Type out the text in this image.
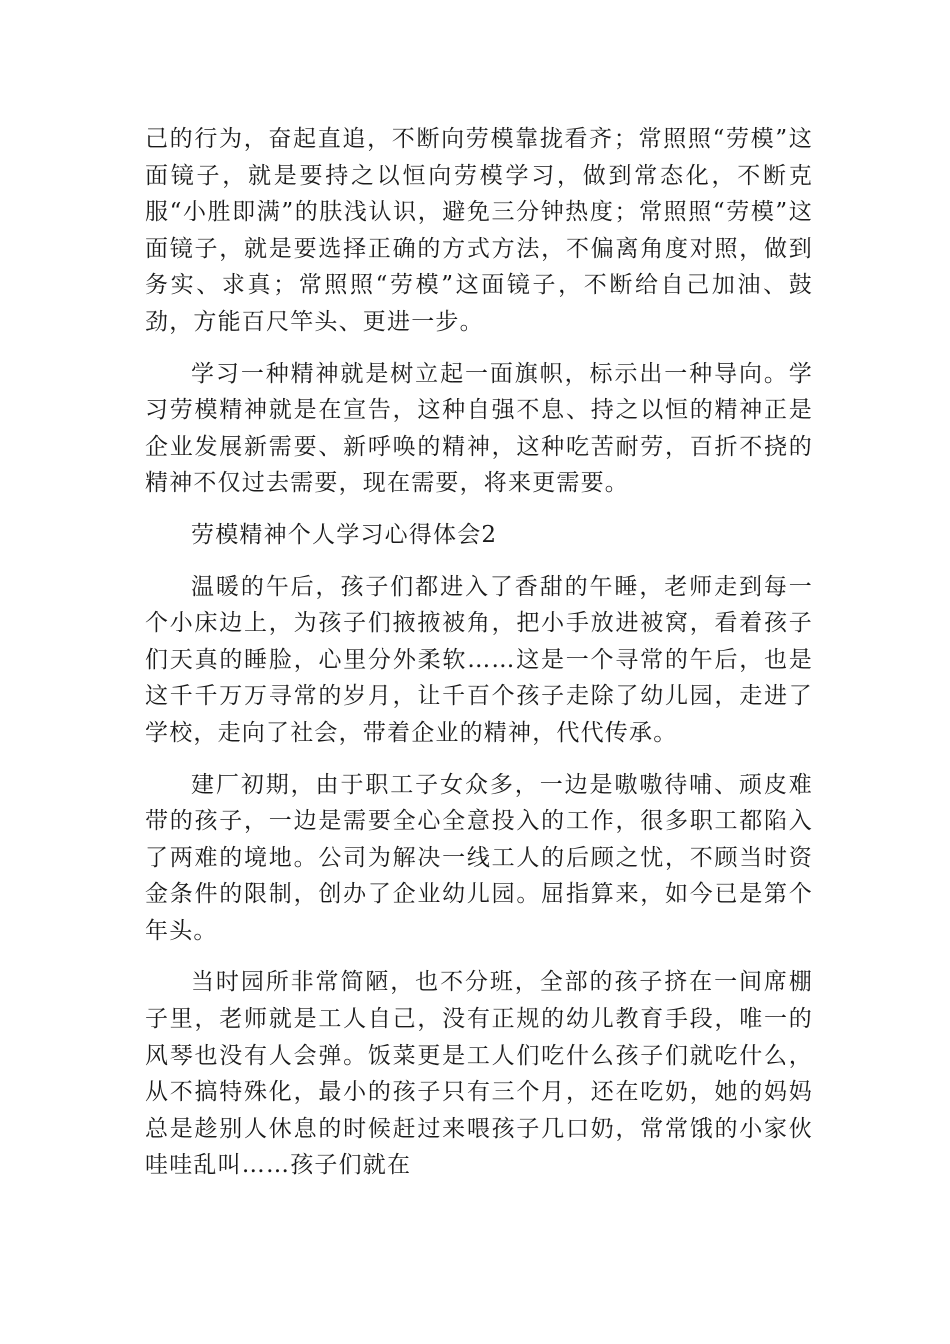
己的行为，奋起直追，不断向劳模靠拢看齐；常照照“劳模”这面镜子，就是要持之以恒向劳模学习，做到常态化，不断克服“小胜即满”的肤浅认识，避免三分钟热度；常照照“劳模”这面镜子，就是要选择正确的方式方法，不偏离角度对照，做到务实、求真；常照照“劳模”这面镜子，不断给自己加油、鼓劲，方能百尺竿头、更进一步。

学习一种精神就是树立起一面旗帜，标示出一种导向。学习劳模精神就是在宣告，这种自强不息、持之以恒的精神正是企业发展新需要、新呼唤的精神，这种吃苦耐劳，百折不挠的精神不仅过去需要，现在需要，将来更需要。

劳模精神个人学习心得体会2

温暖的午后，孩子们都进入了香甜的午睡，老师走到每一个小床边上，为孩子们掖掖被角，把小手放进被窝，看着孩子们天真的睡脸，心里分外柔软……这是一个寻常的午后，也是这千千万万寻常的岁月，让千百个孩子走除了幼儿园，走进了学校，走向了社会，带着企业的精神，代代传承。

建厂初期，由于职工子女众多，一边是嗷嗷待哺、顽皮难带的孩子，一边是需要全心全意投入的工作，很多职工都陷入了两难的境地。公司为解决一线工人的后顾之忧，不顾当时资金条件的限制，创办了企业幼儿园。屈指算来，如今已是第个年头。

当时园所非常简陋，也不分班，全部的孩子挤在一间席棚子里，老师就是工人自己，没有正规的幼儿教育手段，唯一的风琴也没有人会弹。饭菜更是工人们吃什么孩子们就吃什么，从不搞特殊化，最小的孩子只有三个月，还在吃奶，她的妈妈总是趁别人休息的时候赶过来喂孩子几口奶，常常饿的小家伙哇哇乱叫……孩子们就在
